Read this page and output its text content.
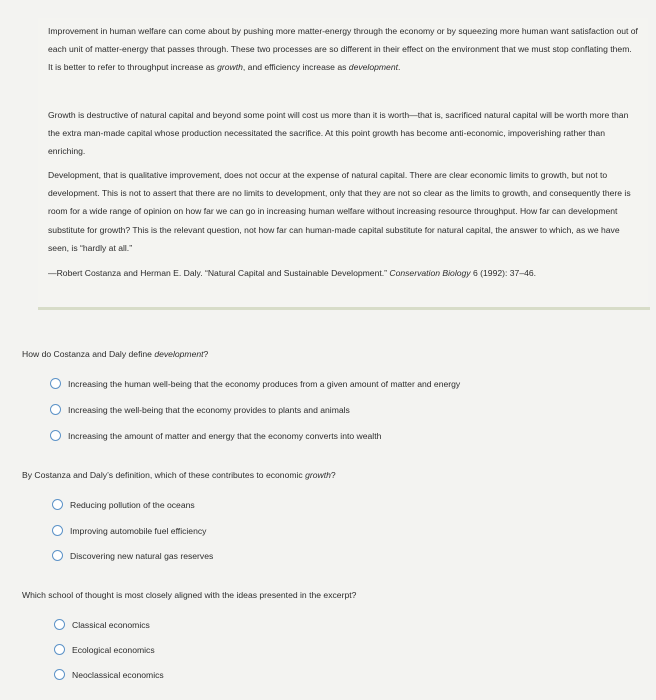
Improvement in human welfare can come about by pushing more matter-energy through the economy or by squeezing more human want satisfaction out of each unit of matter-energy that passes through. These two processes are so different in their effect on the environment that we must stop conflating them. It is better to refer to throughput increase as growth, and efficiency increase as development.

Growth is destructive of natural capital and beyond some point will cost us more than it is worth—that is, sacrificed natural capital will be worth more than the extra man-made capital whose production necessitated the sacrifice. At this point growth has become anti-economic, impoverishing rather than enriching.

Development, that is qualitative improvement, does not occur at the expense of natural capital. There are clear economic limits to growth, but not to development. This is not to assert that there are no limits to development, only that they are not so clear as the limits to growth, and consequently there is room for a wide range of opinion on how far we can go in increasing human welfare without increasing resource throughput. How far can development substitute for growth? This is the relevant question, not how far can human-made capital substitute for natural capital, the answer to which, as we have seen, is “hardly at all.”

—Robert Costanza and Herman E. Daly. “Natural Capital and Sustainable Development.” Conservation Biology 6 (1992): 37–46.

How do Costanza and Daly define development?

Increasing the human well-being that the economy produces from a given amount of matter and energy
Increasing the well-being that the economy provides to plants and animals
Increasing the amount of matter and energy that the economy converts into wealth

By Costanza and Daly’s definition, which of these contributes to economic growth?

Reducing pollution of the oceans
Improving automobile fuel efficiency
Discovering new natural gas reserves

Which school of thought is most closely aligned with the ideas presented in the excerpt?

Classical economics
Ecological economics
Neoclassical economics
